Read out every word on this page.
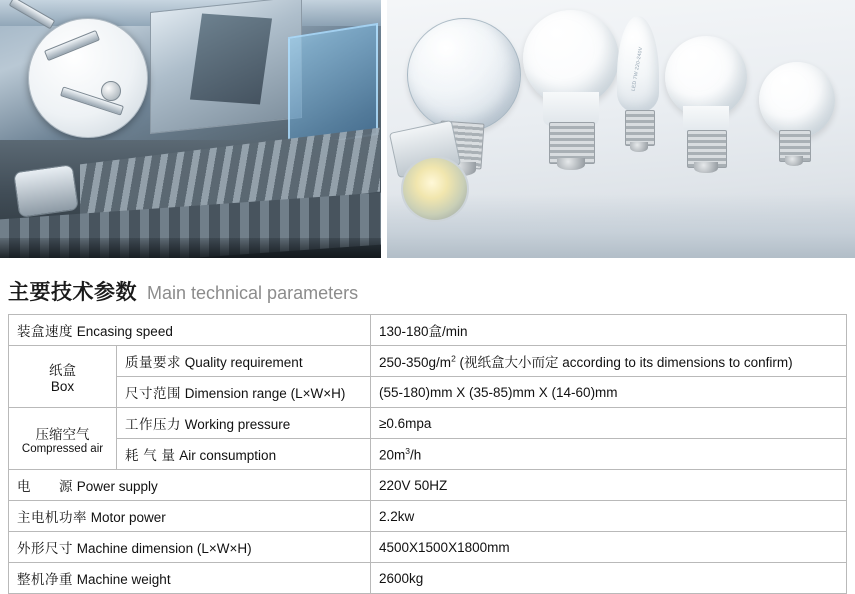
LED 7W 220-240V
主要技术参数 Main technical parameters
装盒速度 Encasing speed		130-180盒/min

纸盒
Box	质量要求 Quality requirement	$250-350g/m^2$ (视纸盒大小而定 according to its dimensions to confirm)
	尺寸范围 Dimension range (L×W×H)	(55-180)mm X (35-85)mm X (14-60)mm

压缩空气
Compressed air	工作压力 Working pressure	≥0.6mpa
	耗 气 量 Air consumption	$20m^3/h$
电　　源 Power supply		220V 50HZ
主电机功率 Motor power		2.2kw
外形尺寸 Machine dimension (L×W×H)		4500X1500X1800mm
整机净重 Machine weight		2600kg
